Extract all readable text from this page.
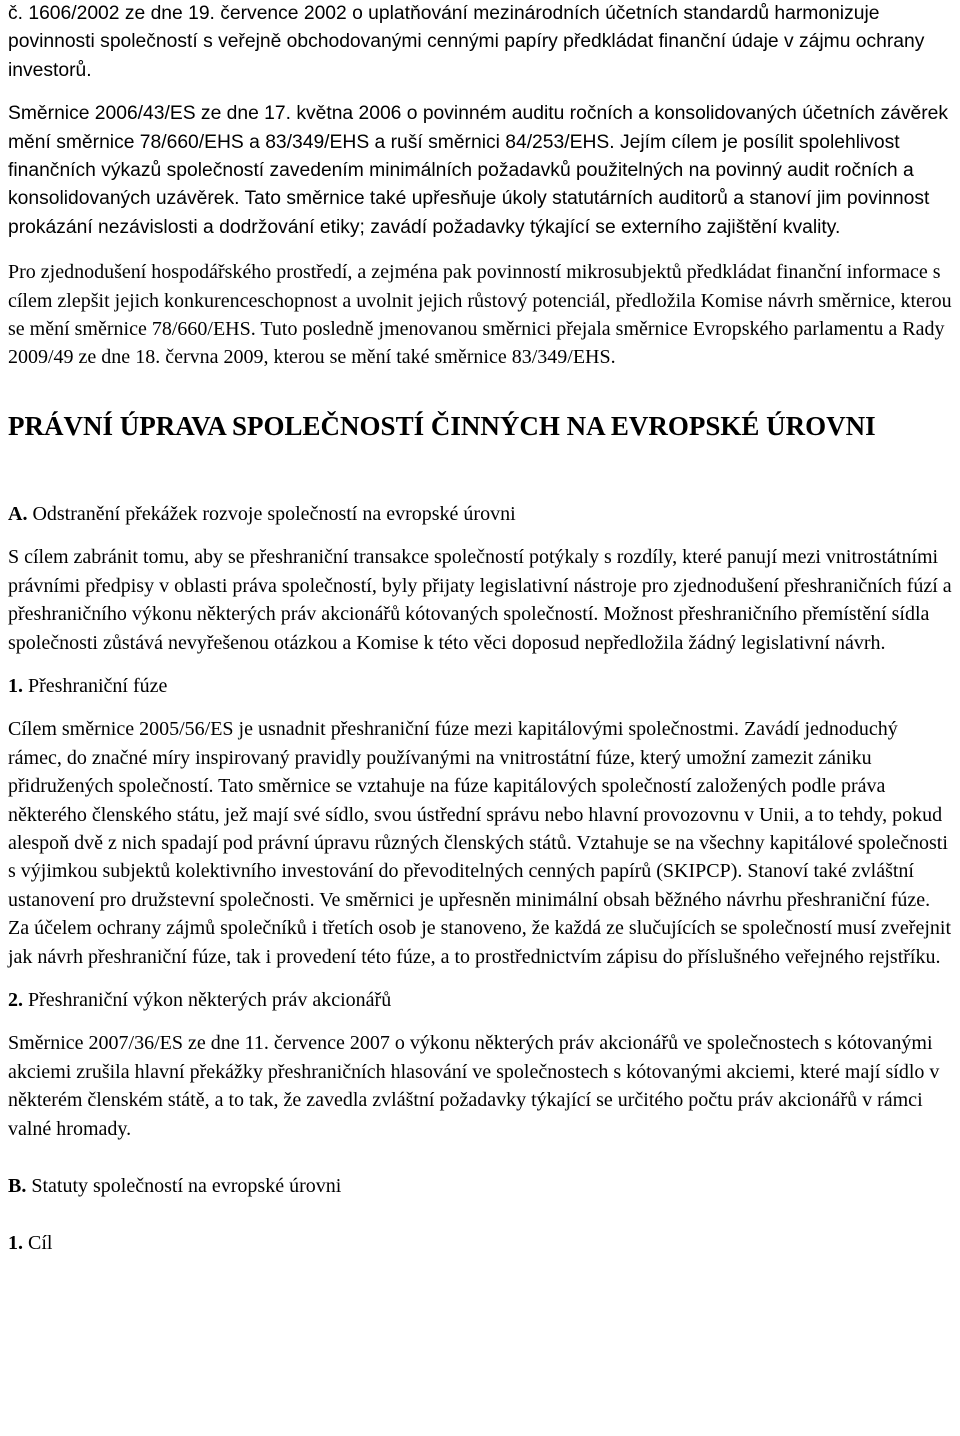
č. 1606/2002 ze dne 19. července 2002 o uplatňování mezinárodních účetních standardů harmonizuje povinnosti společností s veřejně obchodovanými cennými papíry předkládat finanční údaje v zájmu ochrany investorů.

Směrnice 2006/43/ES ze dne 17. května 2006 o povinném auditu ročních a konsolidovaných účetních závěrek mění směrnice 78/660/EHS a 83/349/EHS a ruší směrnici 84/253/EHS. Jejím cílem je posílit spolehlivost finančních výkazů společností zavedením minimálních požadavků použitelných na povinný audit ročních a konsolidovaných uzávěrek. Tato směrnice také upřesňuje úkoly statutárních auditorů a stanoví jim povinnost prokázání nezávislosti a dodržování etiky; zavádí požadavky týkající se externího zajištění kvality.

Pro zjednodušení hospodářského prostředí, a zejména pak povinností mikrosubjektů předkládat finanční informace s cílem zlepšit jejich konkurenceschopnost a uvolnit jejich růstový potenciál, předložila Komise návrh směrnice, kterou se mění směrnice 78/660/EHS. Tuto posledně jmenovanou směrnici přejala směrnice Evropského parlamentu a Rady 2009/49 ze dne 18. června 2009, kterou se mění také směrnice 83/349/EHS.

PRÁVNÍ ÚPRAVA SPOLEČNOSTÍ ČINNÝCH NA EVROPSKÉ ÚROVNI

A. Odstranění překážek rozvoje společností na evropské úrovni

S cílem zabránit tomu, aby se přeshraniční transakce společností potýkaly s rozdíly, které panují mezi vnitrostátními právními předpisy v oblasti práva společností, byly přijaty legislativní nástroje pro zjednodušení přeshraničních fúzí a přeshraničního výkonu některých práv akcionářů kótovaných společností. Možnost přeshraničního přemístění sídla společnosti zůstává nevyřešenou otázkou a Komise k této věci doposud nepředložila žádný legislativní návrh.

1. Přeshraniční fúze

Cílem směrnice 2005/56/ES je usnadnit přeshraniční fúze mezi kapitálovými společnostmi. Zavádí jednoduchý rámec, do značné míry inspirovaný pravidly používanými na vnitrostátní fúze, který umožní zamezit zániku přidružených společností. Tato směrnice se vztahuje na fúze kapitálových společností založených podle práva některého členského státu, jež mají své sídlo, svou ústřední správu nebo hlavní provozovnu v Unii, a to tehdy, pokud alespoň dvě z nich spadají pod právní úpravu různých členských států. Vztahuje se na všechny kapitálové společnosti s výjimkou subjektů kolektivního investování do převoditelných cenných papírů (SKIPCP). Stanoví také zvláštní ustanovení pro družstevní společnosti. Ve směrnici je upřesněn minimální obsah běžného návrhu přeshraniční fúze. Za účelem ochrany zájmů společníků i třetích osob je stanoveno, že každá ze slučujících se společností musí zveřejnit jak návrh přeshraniční fúze, tak i provedení této fúze, a to prostřednictvím zápisu do příslušného veřejného rejstříku.

2. Přeshraniční výkon některých práv akcionářů

Směrnice 2007/36/ES ze dne 11. července 2007 o výkonu některých práv akcionářů ve společnostech s kótovanými akciemi zrušila hlavní překážky přeshraničních hlasování ve společnostech s kótovanými akciemi, které mají sídlo v některém členském státě, a to tak, že zavedla zvláštní požadavky týkající se určitého počtu práv akcionářů v rámci valné hromady.

B. Statuty společností na evropské úrovni

1. Cíl
